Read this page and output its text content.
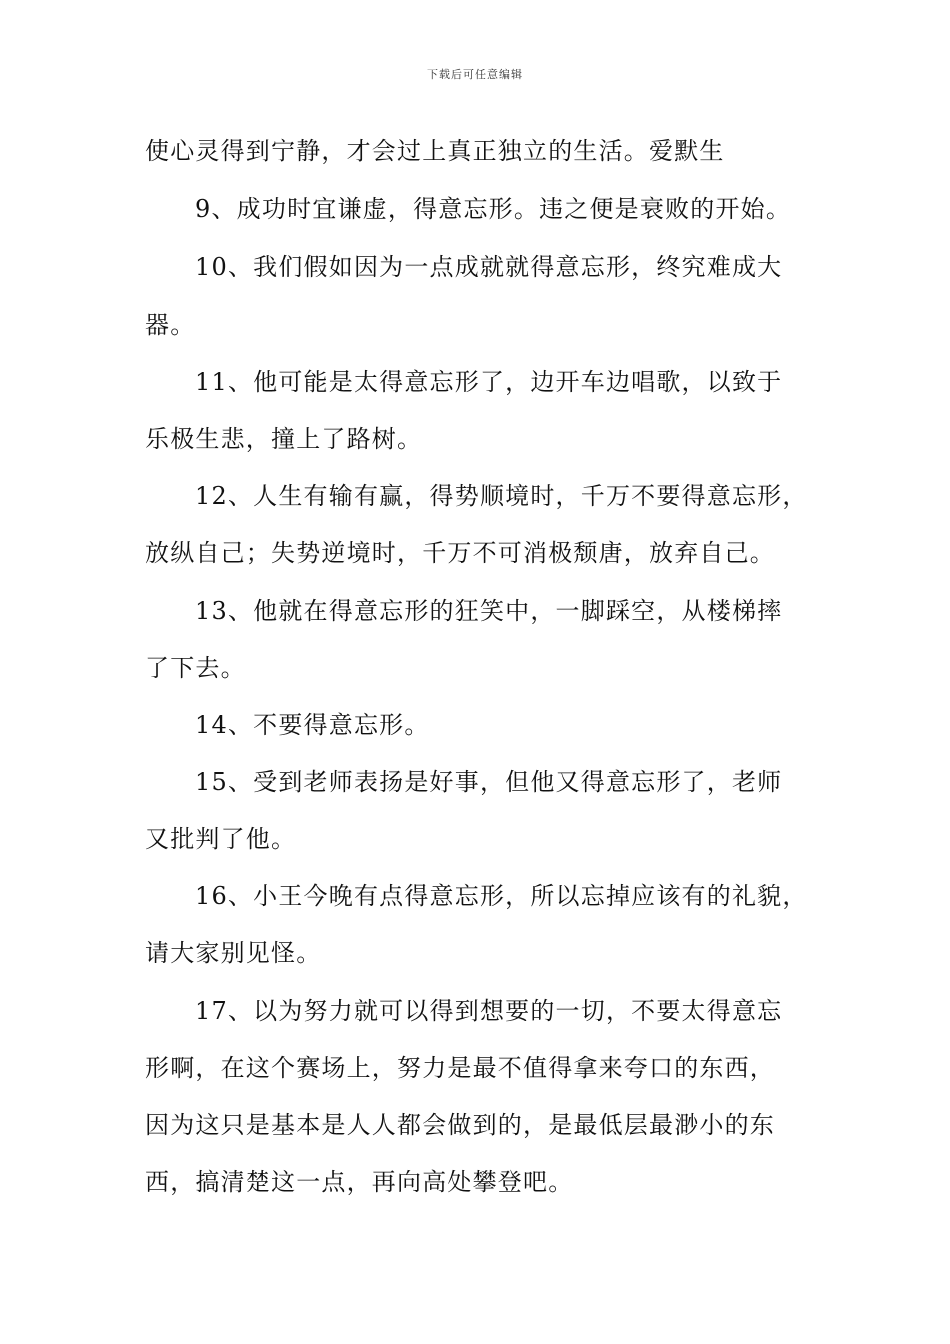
下载后可任意编辑
使心灵得到宁静，才会过上真正独立的生活。爱默生
9、成功时宜谦虚，得意忘形。违之便是衰败的开始。
10、我们假如因为一点成就就得意忘形，终究难成大
器。
11、他可能是太得意忘形了，边开车边唱歌，以致于
乐极生悲，撞上了路树。
12、人生有输有赢，得势顺境时，千万不要得意忘形，
放纵自己；失势逆境时，千万不可消极颓唐，放弃自己。
13、他就在得意忘形的狂笑中，一脚踩空，从楼梯摔
了下去。
14、不要得意忘形。
15、受到老师表扬是好事，但他又得意忘形了，老师
又批判了他。
16、小王今晚有点得意忘形，所以忘掉应该有的礼貌，
请大家别见怪。
17、以为努力就可以得到想要的一切，不要太得意忘
形啊，在这个赛场上，努力是最不值得拿来夸口的东西，
因为这只是基本是人人都会做到的，是最低层最渺小的东
西，搞清楚这一点，再向高处攀登吧。
